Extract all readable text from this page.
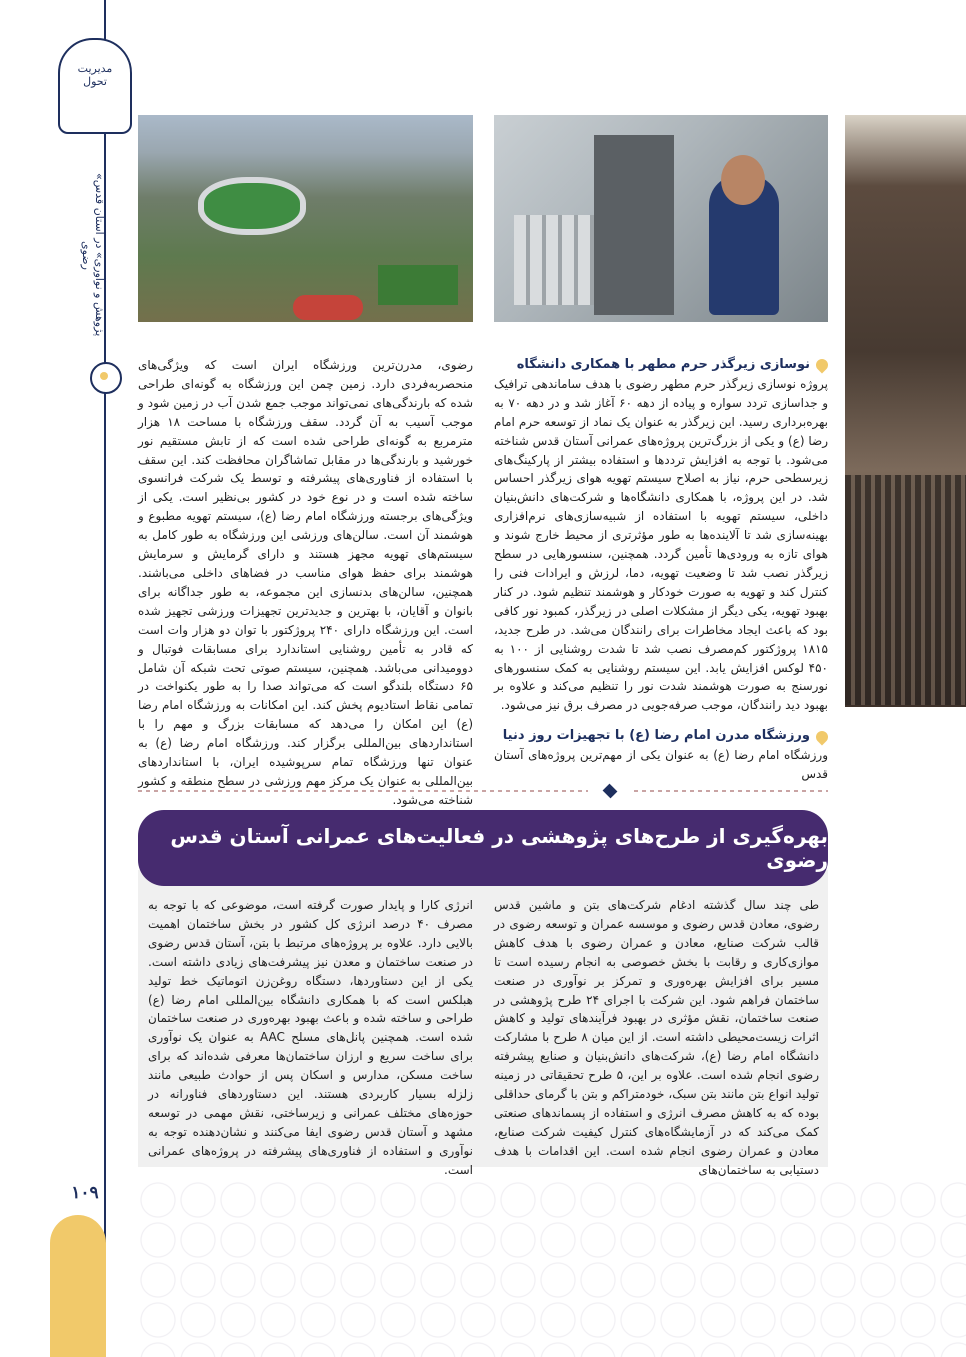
مدیریت تحول
«پژوهش و نوآوری» در آستان قدس رضوی
۱۰۹

رضوی، مدرن‌ترین ورزشگاه ایران است که ویژگی‌های منحصربه‌فردی دارد. زمین چمن این ورزشگاه به گونه‌ای طراحی شده که بارندگی‌های نمی‌تواند موجب جمع شدن آب در زمین شود و موجب آسیب به آن گردد. سقف ورزشگاه با مساحت ۱۸ هزار مترمربع به گونه‌ای طراحی شده است که از تابش مستقیم نور خورشید و بارندگی‌ها در مقابل تماشاگران محافظت کند. این سقف با استفاده از فناوری‌های پیشرفته و توسط یک شرکت فرانسوی ساخته شده است و در نوع خود در کشور بی‌نظیر است. یکی از ویژگی‌های برجسته ورزشگاه امام رضا (ع)، سیستم تهویه مطبوع و هوشمند آن است. سالن‌های ورزشی این ورزشگاه به طور کامل به سیستم‌های تهویه مجهز هستند و دارای گرمایش و سرمایش هوشمند برای حفظ هوای مناسب در فضاهای داخلی می‌باشند. همچنین، سالن‌های بدنسازی این مجموعه، به طور جداگانه برای بانوان و آقایان، با بهترین و جدیدترین تجهیزات ورزشی تجهیز شده است. این ورزشگاه دارای ۲۴۰ پروژکتور با توان دو هزار وات است که قادر به تأمین روشنایی استاندارد برای مسابقات فوتبال و دوومیدانی می‌باشد. همچنین، سیستم صوتی تحت شبکه آن شامل ۶۵ دستگاه بلندگو است که می‌تواند صدا را به طور یکنواخت در تمامی نقاط استادیوم پخش کند. این امکانات به ورزشگاه امام رضا (ع) این امکان را می‌دهد که مسابقات بزرگ و مهم را با استانداردهای بین‌المللی برگزار کند. ورزشگاه امام رضا (ع) به عنوان تنها ورزشگاه تمام سرپوشیده ایران، با استانداردهای بین‌المللی به عنوان یک مرکز مهم ورزشی در سطح منطقه و کشور شناخته می‌شود.

نوسازی زیرگذر حرم مطهر با همکاری دانشگاه

پروژه نوسازی زیرگذر حرم مطهر رضوی با هدف ساماندهی ترافیک و جداسازی تردد سواره و پیاده از دهه ۶۰ آغاز شد و در دهه ۷۰ به بهره‌برداری رسید. این زیرگذر به عنوان یک نماد از توسعه حرم امام رضا (ع) و یکی از بزرگ‌ترین پروژه‌های عمرانی آستان قدس شناخته می‌شود. با توجه به افزایش ترددها و استفاده بیشتر از پارکینگ‌های زیرسطحی حرم، نیاز به اصلاح سیستم تهویه هوای زیرگذر احساس شد. در این پروژه، با همکاری دانشگاه‌ها و شرکت‌های دانش‌بنیان داخلی، سیستم تهویه با استفاده از شبیه‌سازی‌های نرم‌افزاری بهینه‌سازی شد تا آلاینده‌ها به طور مؤثرتری از محیط خارج شوند و هوای تازه به ورودی‌ها تأمین گردد. همچنین، سنسورهایی در سطح زیرگذر نصب شد تا وضعیت تهویه، دما، لرزش و ایرادات فنی را کنترل کند و تهویه به صورت خودکار و هوشمند تنظیم شود. در کنار بهبود تهویه، یکی دیگر از مشکلات اصلی در زیرگذر، کمبود نور کافی بود که باعث ایجاد مخاطرات برای رانندگان می‌شد. در طرح جدید، ۱۸۱۵ پروژکتور کم‌مصرف نصب شد تا شدت روشنایی از ۱۰۰ به ۴۵۰ لوکس افزایش یابد. این سیستم روشنایی به کمک سنسورهای نورسنج به صورت هوشمند شدت نور را تنظیم می‌کند و علاوه بر بهبود دید رانندگان، موجب صرفه‌جویی در مصرف برق نیز می‌شود.

ورزشگاه مدرن امام رضا (ع) با تجهیزات روز دنیا

ورزشگاه امام رضا (ع) به عنوان یکی از مهم‌ترین پروژه‌های آستان قدس

بهره‌گیری از طرح‌های پژوهشی در فعالیت‌های عمرانی آستان قدس رضوی

طی چند سال گذشته ادغام شرکت‌های بتن و ماشین قدس رضوی، معادن قدس رضوی و موسسه عمران و توسعه رضوی در قالب شرکت صنایع، معادن و عمران رضوی با هدف کاهش موازی‌کاری و رقابت با بخش خصوصی به انجام رسیده است تا مسیر برای افزایش بهره‌وری و تمرکز بر نوآوری در صنعت ساختمان فراهم شود. این شرکت با اجرای ۲۴ طرح پژوهشی در صنعت ساختمان، نقش مؤثری در بهبود فرآیندهای تولید و کاهش اثرات زیست‌محیطی داشته است. از این میان ۸ طرح با مشارکت دانشگاه امام رضا (ع)، شرکت‌های دانش‌بنیان و صنایع پیشرفته رضوی انجام شده است. علاوه بر این، ۵ طرح تحقیقاتی در زمینه تولید انواع بتن مانند بتن سبک، خودمتراکم و بتن با گرمای حداقلی بوده که به کاهش مصرف انرژی و استفاده از پسماندهای صنعتی کمک می‌کند که در آزمایشگاه‌های کنترل کیفیت شرکت صنایع، معادن و عمران رضوی انجام شده است. این اقدامات با هدف دستیابی به ساختمان‌های

انرژی کارا و پایدار صورت گرفته است، موضوعی که با توجه به مصرف ۴۰ درصد انرژی کل کشور در بخش ساختمان اهمیت بالایی دارد. علاوه بر پروژه‌های مرتبط با بتن، آستان قدس رضوی در صنعت ساختمان و معدن نیز پیشرفت‌های زیادی داشته است. یکی از این دستاوردها، دستگاه روغن‌زن اتوماتیک خط تولید هبلکس است که با همکاری دانشگاه بین‌المللی امام رضا (ع) طراحی و ساخته شده و باعث بهبود بهره‌وری در صنعت ساختمان شده است. همچنین پانل‌های مسلح AAC به عنوان یک نوآوری برای ساخت سریع و ارزان ساختمان‌ها معرفی شده‌اند که برای ساخت مسکن، مدارس و اسکان پس از حوادث طبیعی مانند زلزله بسیار کاربردی هستند. این دستاوردهای فناورانه در حوزه‌های مختلف عمرانی و زیرساختی، نقش مهمی در توسعه مشهد و آستان قدس رضوی ایفا می‌کنند و نشان‌دهنده توجه به نوآوری و استفاده از فناوری‌های پیشرفته در پروژه‌های عمرانی است.
